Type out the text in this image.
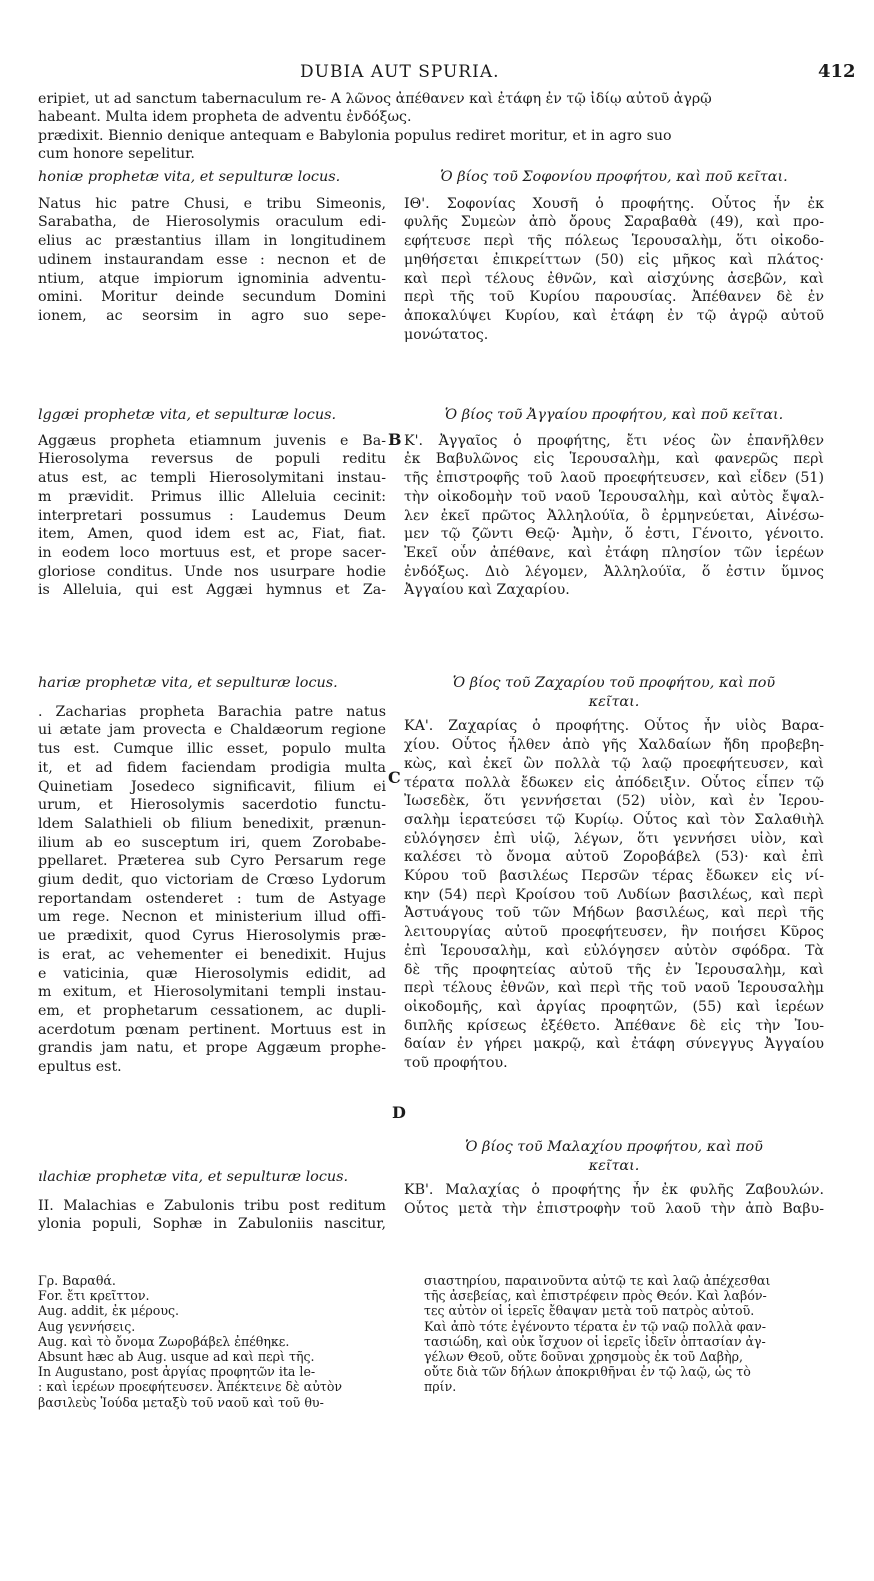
DUBIA AUT SPURIA.	412
eripiet, ut ad sanctum tabernaculum re- A λῶνος ἀπέθανεν καὶ ἐτάφη ἐν τῷ ἰδίῳ αὐτοῦ ἀγρῷ
habeant. Multa idem propheta de adventu ἐνδόξως.
prædixit. Biennio denique antequam e Babylonia populus rediret moritur, et in agro suo
cum honore sepelitur.
honiæ prophetæ vita, et sepulturæ locus.
Natus hic patre Chusi, e tribu Simeonis,
Sarabatha, de Hierosolymis oraculum edi-
elius ac præstantius illam in longitudinem
udinem instaurandam esse : necnon et de
ntium, atque impiorum ignominia adventu-
omini. Moritur deinde secundum Domini
ionem, ac seorsim in agro suo sepe-
lggæi prophetæ vita, et sepulturæ locus.
Aggæus propheta etiamnum juvenis e Ba-
Hierosolyma reversus de populi reditu
atus est, ac templi Hierosolymitani instau-
m prævidit. Primus illic Alleluia cecinit:
interpretari possumus : Laudemus Deum
item, Amen, quod idem est ac, Fiat, fiat.
in eodem loco mortuus est, et prope sacer-
gloriose conditus. Unde nos usurpare hodie
is Alleluia, qui est Aggæi hymnus et Za-
hariæ prophetæ vita, et sepulturæ locus.
. Zacharias propheta Barachia patre natus
ui ætate jam provecta e Chaldæorum regione
tus est. Cumque illic esset, populo multa
it, et ad fidem faciendam prodigia multa
Quinetiam Josedeco significavit, filium ei
urum, et Hierosolymis sacerdotio functu-
ldem Salathieli ob filium benedixit, prænun-
ilium ab eo susceptum iri, quem Zorobabe-
ppellaret. Præterea sub Cyro Persarum rege
gium dedit, quo victoriam de Crœso Lydorum
reportandam ostenderet : tum de Astyage
um rege. Necnon et ministerium illud offi-
ue prædixit, quod Cyrus Hierosolymis præ-
is erat, ac vehementer ei benedixit. Hujus
e vaticinia, quæ Hierosolymis edidit, ad
m exitum, et Hierosolymitani templi instau-
em, et prophetarum cessationem, ac dupli-
acerdotum pœnam pertinent. Mortuus est in
grandis jam natu, et prope Aggæum prophe-
epultus est.
ılachiæ prophetæ vita, et sepulturæ locus.
II. Malachias e Zabulonis tribu post reditum
ylonia populi, Sophæ in Zabuloniis nascitur,
B
C
D
Ὁ βίος τοῦ Σοφονίου προφήτου, καὶ ποῦ κεῖται.
ΙΘ'. Σοφονίας Χουσῆ ὁ προφήτης. Οὗτος ἦν ἐκ
φυλῆς Συμεὼν ἀπὸ ὄρους Σαραβαθὰ (49), καὶ προ-
εφήτευσε περὶ τῆς πόλεως Ἱερουσαλὴμ, ὅτι οἰκοδο-
μηθήσεται ἐπικρείττων (50) εἰς μῆκος καὶ πλάτος·
καὶ περὶ τέλους ἐθνῶν, καὶ αἰσχύνης ἀσεβῶν, καὶ
περὶ τῆς τοῦ Κυρίου παρουσίας. Ἀπέθανεν δὲ ἐν
ἀποκαλύψει Κυρίου, καὶ ἐτάφη ἐν τῷ ἀγρῷ αὐτοῦ
μονώτατος.
Ὁ βίος τοῦ Ἀγγαίου προφήτου, καὶ ποῦ κεῖται.
Κ'. Ἀγγαῖος ὁ προφήτης, ἔτι νέος ὢν ἐπανῆλθεν
ἐκ Βαβυλῶνος εἰς Ἱερουσαλὴμ, καὶ φανερῶς περὶ
τῆς ἐπιστροφῆς τοῦ λαοῦ προεφήτευσεν, καὶ εἶδεν (51)
τὴν οἰκοδομὴν τοῦ ναοῦ Ἱερουσαλὴμ, καὶ αὐτὸς ἔψαλ-
λεν ἐκεῖ πρῶτος Ἀλληλούϊα, ὃ ἑρμηνεύεται, Αἰνέσω-
μεν τῷ ζῶντι Θεῷ· Ἀμὴν, ὅ ἐστι, Γένοιτο, γένοιτο.
Ἐκεῖ οὖν ἀπέθανε, καὶ ἐτάφη πλησίον τῶν ἱερέων
ἐνδόξως. Διὸ λέγομεν, Ἀλληλούϊα, ὅ ἐστιν ὕμνος
Ἀγγαίου καὶ Ζαχαρίου.
Ὁ βίος τοῦ Ζαχαρίου τοῦ προφήτου, καὶ ποῦ
κεῖται.
ΚΑ'. Ζαχαρίας ὁ προφήτης. Οὗτος ἦν υἱὸς Βαρα-
χίου. Οὗτος ἦλθεν ἀπὸ γῆς Χαλδαίων ἤδη προβεβη-
κὼς, καὶ ἐκεῖ ὢν πολλὰ τῷ λαῷ προεφήτευσεν, καὶ
τέρατα πολλὰ ἔδωκεν εἰς ἀπόδειξιν. Οὗτος εἶπεν τῷ
Ἰωσεδὲκ, ὅτι γεννήσεται (52) υἱὸν, καὶ ἐν Ἱερου-
σαλὴμ ἱερατεύσει τῷ Κυρίῳ. Οὗτος καὶ τὸν Σαλαθιὴλ
εὐλόγησεν ἐπὶ υἱῷ, λέγων, ὅτι γεννήσει υἱὸν, καὶ
καλέσει τὸ ὄνομα αὐτοῦ Ζοροβάβελ (53)· καὶ ἐπὶ
Κύρου τοῦ βασιλέως Περσῶν τέρας ἔδωκεν εἰς νί-
κην (54) περὶ Κροίσου τοῦ Λυδίων βασιλέως, καὶ περὶ
Ἀστυάγους τοῦ τῶν Μήδων βασιλέως, καὶ περὶ τῆς
λειτουργίας αὐτοῦ προεφήτευσεν, ἣν ποιήσει Κῦρος
ἐπὶ Ἱερουσαλὴμ, καὶ εὐλόγησεν αὐτὸν σφόδρα. Τὰ
δὲ τῆς προφητείας αὐτοῦ τῆς ἐν Ἱερουσαλὴμ, καὶ
περὶ τέλους ἐθνῶν, καὶ περὶ τῆς τοῦ ναοῦ Ἱερουσαλὴμ
οἰκοδομῆς, καὶ ἀργίας προφητῶν, (55) καὶ ἱερέων
διπλῆς κρίσεως ἐξέθετο. Ἀπέθανε δὲ εἰς τὴν Ἰου-
δαίαν ἐν γήρει μακρῷ, καὶ ἐτάφη σύνεγγυς Ἀγγαίου
τοῦ προφήτου.
Ὁ βίος τοῦ Μαλαχίου προφήτου, καὶ ποῦ
κεῖται.
ΚΒ'. Μαλαχίας ὁ προφήτης ἦν ἐκ φυλῆς Ζαβουλών.
Οὗτος μετὰ τὴν ἐπιστροφὴν τοῦ λαοῦ τὴν ἀπὸ Βαβυ-
Γρ. Βαραθά.
Fοr. ἔτι κρεῖττον.
Aug. addit, ἐκ μέρους.
Aug γεννήσεις.
Aug. καὶ τὸ ὄνομα Ζωροβάβελ ἐπέθηκε.
Absunt hæc ab Aug. usque ad καὶ περὶ τῆς.
In Augustano, post ἀργίας προφητῶν ita le-
: καὶ ἱερέων προεφήτευσεν. Ἀπέκτεινε δὲ αὐτὸν
βασιλεὺς Ἰούδα μεταξὺ τοῦ ναοῦ καὶ τοῦ θυ-
σιαστηρίου, παραινοῦντα αὐτῷ τε καὶ λαῷ ἀπέχεσθαι
τῆς ἀσεβείας, καὶ ἐπιστρέφειν πρὸς Θεόν. Καὶ λαβόν-
τες αὐτὸν οἱ ἱερεῖς ἔθαψαν μετὰ τοῦ πατρὸς αὐτοῦ.
Καὶ ἀπὸ τότε ἐγένοντο τέρατα ἐν τῷ ναῷ πολλὰ φαν-
τασιώδη, καὶ οὐκ ἴσχυον οἱ ἱερεῖς ἰδεῖν ὀπτασίαν ἀγ-
γέλων Θεοῦ, οὔτε δοῦναι χρησμοὺς ἐκ τοῦ Δαβὴρ,
οὔτε διὰ τῶν δήλων ἀποκριθῆναι ἐν τῷ λαῷ, ὡς τὸ
πρίν.
